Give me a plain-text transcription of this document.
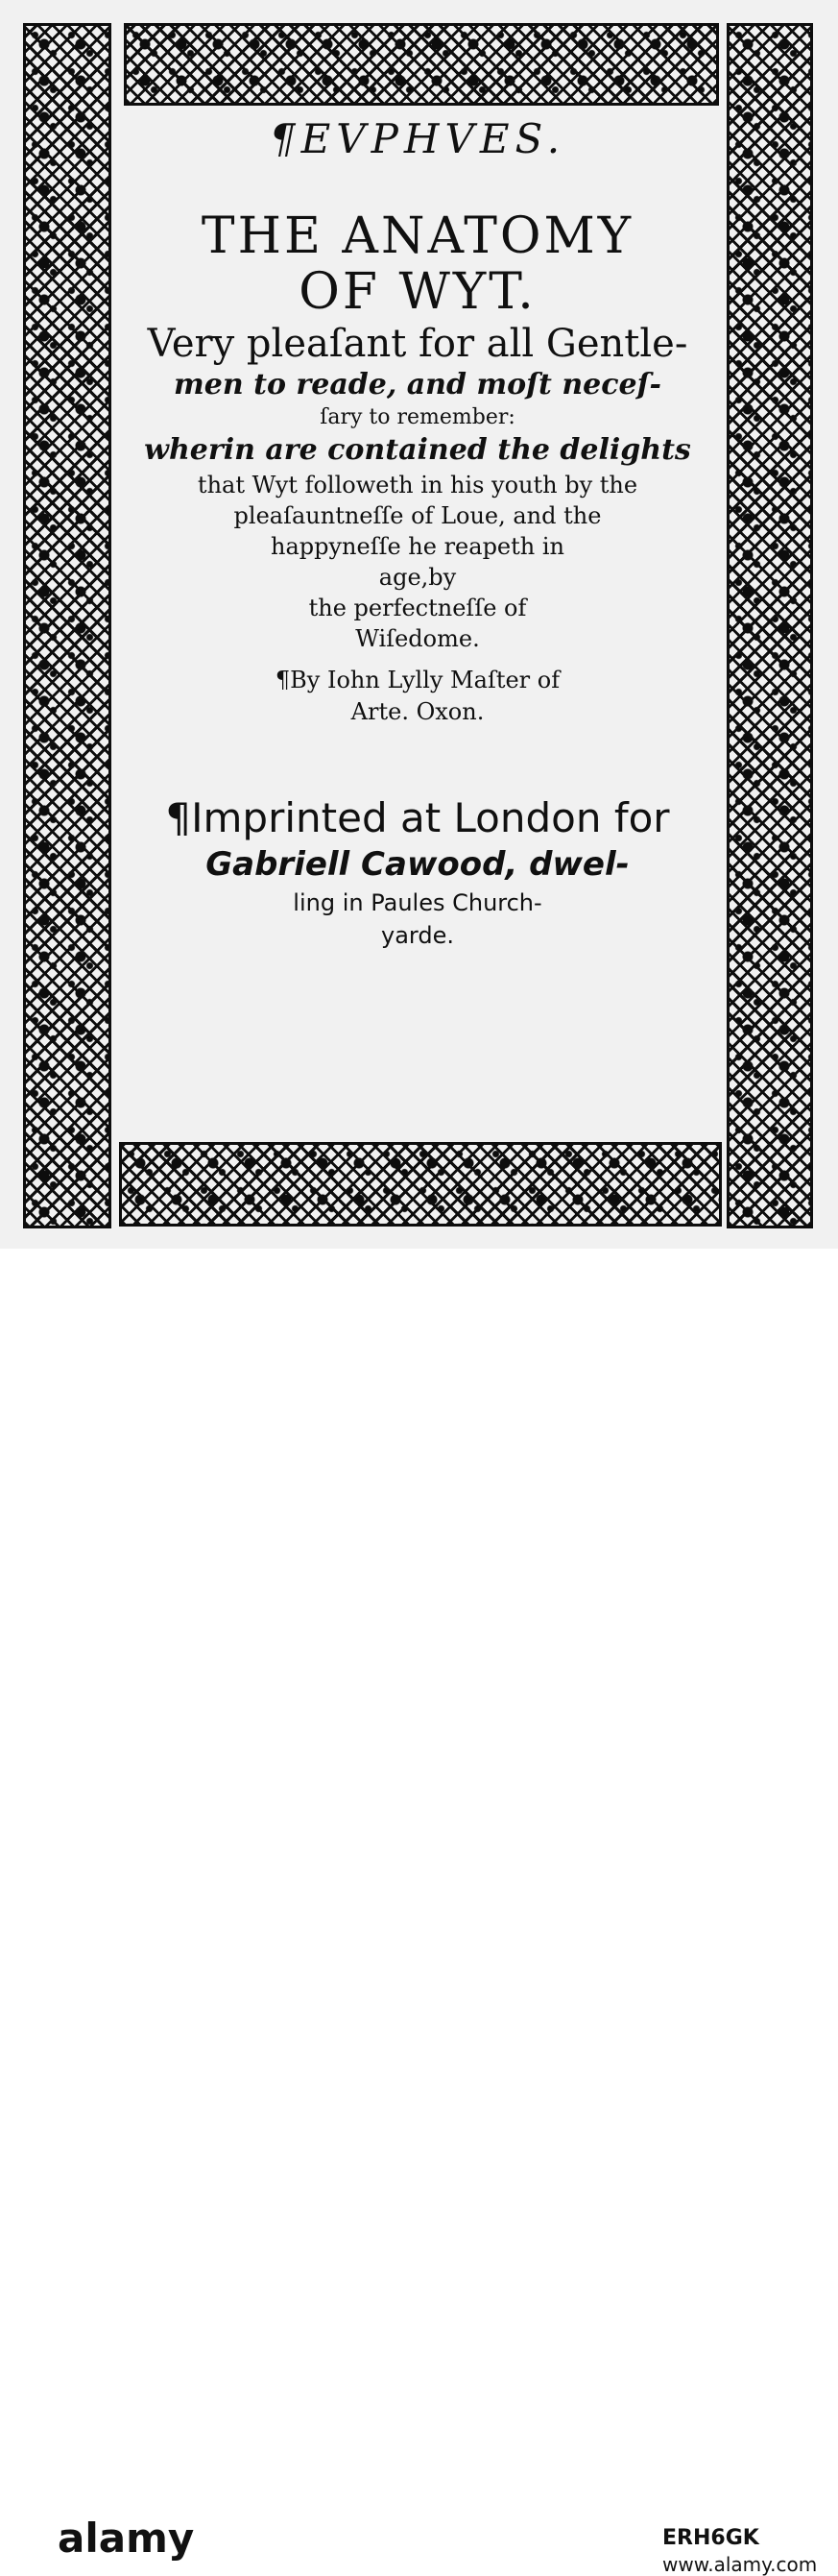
¶EVPHVES.
THE ANATOMY
OF WYT.
Very pleaſant for all Gentle-
men to reade, and moſt neceſ-
ſary to remember:
wherin are contained the delights
that Wyt followeth in his youth by the
pleaſauntneſſe of Loue, and the
happyneſſe he reapeth in
age,by
the perfectneſſe of
Wiſedome.
¶By Iohn Lylly Maſter of
Arte. Oxon.
¶Imprinted at London for
Gabriell Cawood, dwel-
ling in Paules Church-
yarde.
alamy	ERH6GK
www.alamy.com
